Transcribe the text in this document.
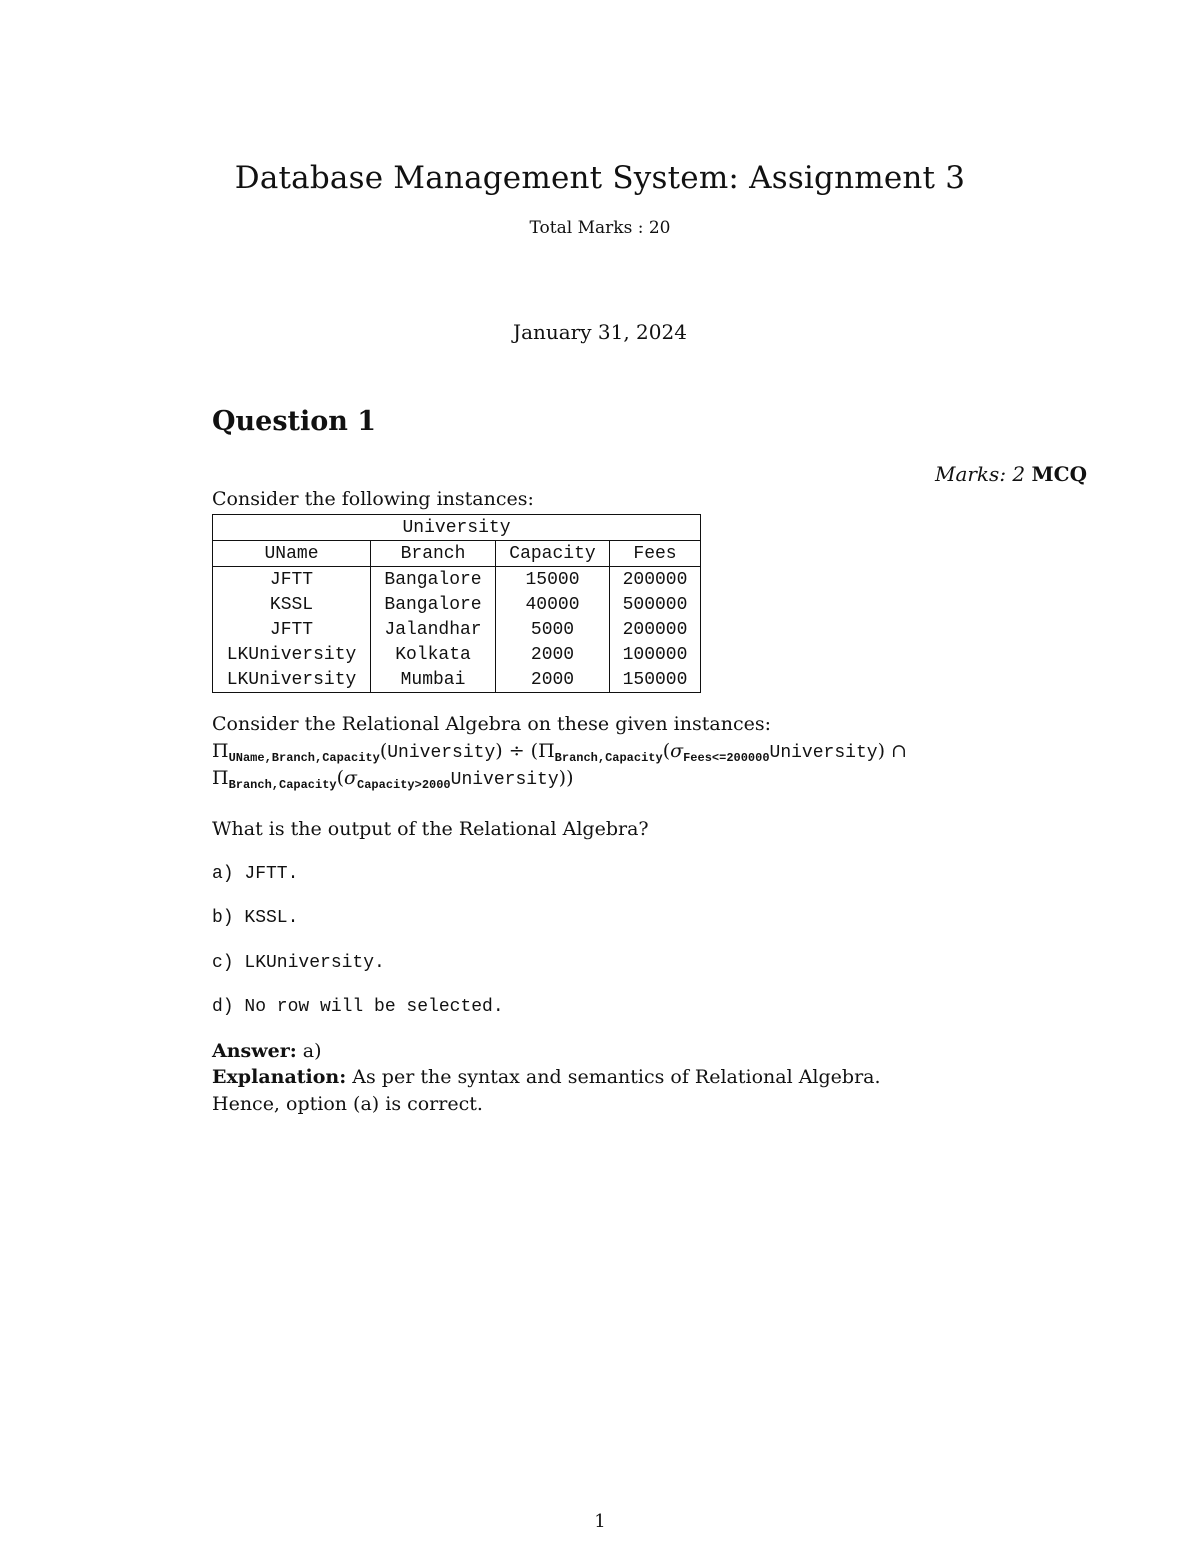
Database Management System: Assignment 3
Total Marks : 20
January 31, 2024
Question 1
Marks: 2 MCQ
Consider the following instances:
University			
UName	Branch	Capacity	Fees
JFTT	Bangalore	15000	200000
KSSL	Bangalore	40000	500000
JFTT	Jalandhar	5000	200000
LKUniversity	Kolkata	2000	100000
LKUniversity	Mumbai	2000	150000
Consider the Relational Algebra on these given instances:
$\Pi_{UName,Branch,Capacity}(University)$ ÷ ($\Pi_{Branch,Capacity}(\sigma_{Fees<=200000}University)$ ∩
$\Pi_{Branch,Capacity}(\sigma_{Capacity>2000}University)$)
What is the output of the Relational Algebra?
a) JFTT.
b) KSSL.
c) LKUniversity.
d) No row will be selected.
Answer: a)
Explanation: As per the syntax and semantics of Relational Algebra.
Hence, option (a) is correct.
1
